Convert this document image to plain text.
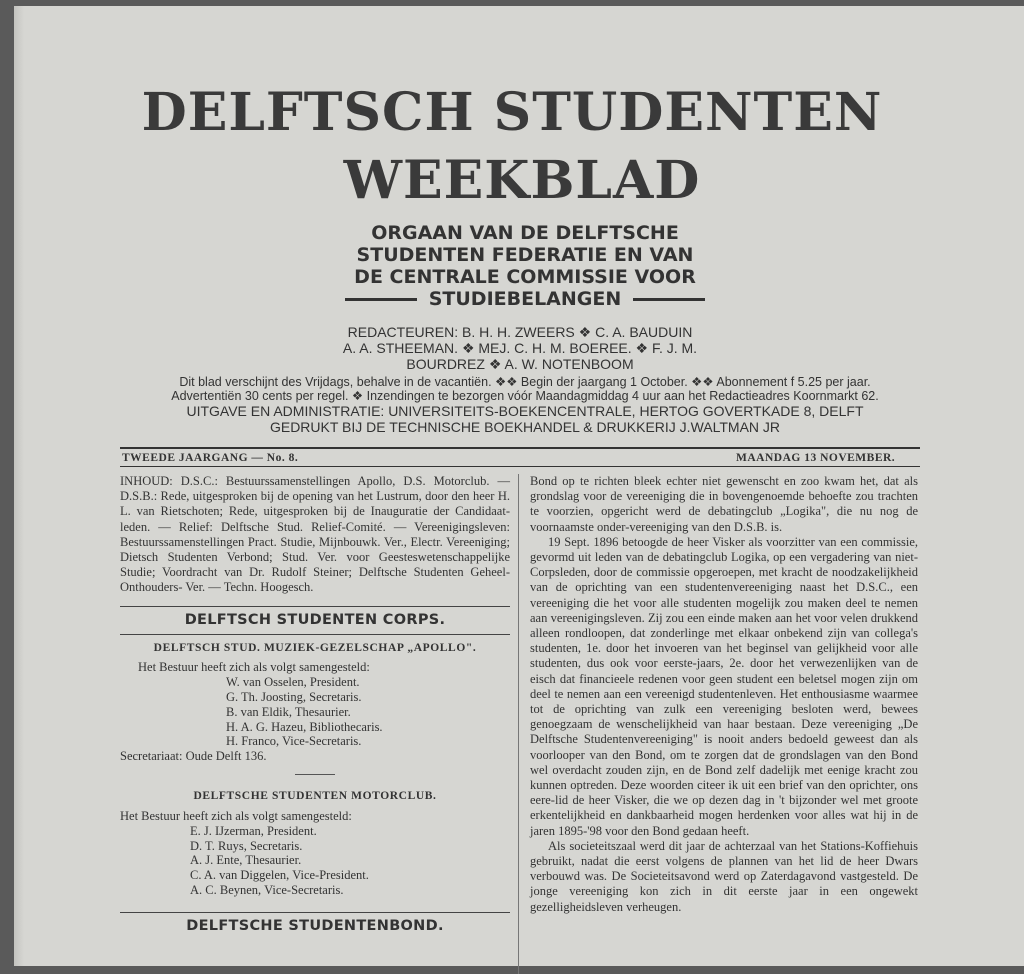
DELFTSCH STUDENTEN
WEEKBLAD
ORGAAN VAN DE DELFTSCHE
STUDENTEN FEDERATIE EN VAN
DE CENTRALE COMMISSIE VOOR
STUDIEBELANGEN
REDACTEUREN: B. H. H. ZWEERS ❖ C. A. BAUDUIN
A. A. STHEEMAN. ❖ MEJ. C. H. M. BOEREE. ❖ F. J. M.
BOURDREZ ❖ A. W. NOTENBOOM
Dit blad verschijnt des Vrijdags, behalve in de vacantiën. ❖❖ Begin der jaargang 1 October. ❖❖ Abonnement f 5.25 per jaar.
Advertentiën 30 cents per regel. ❖ Inzendingen te bezorgen vóór Maandagmiddag 4 uur aan het Redactieadres Koornmarkt 62.
UITGAVE EN ADMINISTRATIE: UNIVERSITEITS-BOEKENCENTRALE, HERTOG GOVERTKADE 8, DELFT
GEDRUKT BIJ DE TECHNISCHE BOEKHANDEL & DRUKKERIJ J.WALTMAN JR
TWEEDE JAARGANG — No. 8.	MAANDAG 13 NOVEMBER.

INHOUD: D.S.C.: Bestuurssamenstellingen Apollo, D.S. Motorclub. — D.S.B.: Rede, uitgesproken bij de opening van het Lustrum, door den heer H. L. van Rietschoten; Rede, uitgesproken bij de Inauguratie der Candidaat-leden. — Relief: Delftsche Stud. Relief-Comité. — Vereenigingsleven: Bestuurssamenstellingen Pract. Studie, Mijnbouwk. Ver., Electr. Vereeniging; Dietsch Studenten Verbond; Stud. Ver. voor Geesteswetenschappelijke Studie; Voordracht van Dr. Rudolf Steiner; Delftsche Studenten Geheel-Onthouders- Ver. — Techn. Hoogesch.

DELFTSCH STUDENTEN CORPS.
DELFTSCH STUD. MUZIEK-GEZELSCHAP „APOLLO".

Het Bestuur heeft zich als volgt samengesteld:

W. van Osselen, President.
G. Th. Joosting, Secretaris.
B. van Eldik, Thesaurier.
H. A. G. Hazeu, Bibliothecaris.
H. Franco, Vice-Secretaris.

Secretariaat: Oude Delft 136.

DELFTSCHE STUDENTEN MOTORCLUB.

Het Bestuur heeft zich als volgt samengesteld:

E. J. IJzerman, President.
D. T. Ruys, Secretaris.
A. J. Ente, Thesaurier.
C. A. van Diggelen, Vice-President.
A. C. Beynen, Vice-Secretaris.
DELFTSCHE STUDENTENBOND.

Bond op te richten bleek echter niet gewenscht en zoo kwam het, dat als grondslag voor de vereeniging die in bovengenoemde behoefte zou trachten te voorzien, opgericht werd de debatingclub „Logika", die nu nog de voornaamste onder-vereeniging van den D.S.B. is.

19 Sept. 1896 betoogde de heer Visker als voorzitter van een commissie, gevormd uit leden van de debatingclub Logika, op een vergadering van niet-Corpsleden, door de commissie opgeroepen, met kracht de noodzakelijkheid van de oprichting van een studentenvereeniging naast het D.S.C., een vereeniging die het voor alle studenten mogelijk zou maken deel te nemen aan vereenigingsleven. Zij zou een einde maken aan het voor velen drukkend alleen rondloopen, dat zonderlinge met elkaar onbekend zijn van collega's studenten, 1e. door het invoeren van het beginsel van gelijkheid voor alle studenten, dus ook voor eerste-jaars, 2e. door het verwezenlijken van de eisch dat financieele redenen voor geen student een beletsel mogen zijn om deel te nemen aan een vereenigd studentenleven. Het enthousiasme waarmee tot de oprichting van zulk een vereeniging besloten werd, bewees genoegzaam de wenschelijkheid van haar bestaan. Deze vereeniging „De Delftsche Studentenvereeniging" is nooit anders bedoeld geweest dan als voorlooper van den Bond, om te zorgen dat de grondslagen van den Bond wel overdacht zouden zijn, en de Bond zelf dadelijk met eenige kracht zou kunnen optreden. Deze woorden citeer ik uit een brief van den oprichter, ons eere-lid de heer Visker, die we op dezen dag in 't bijzonder wel met groote erkentelijkheid en dankbaarheid mogen herdenken voor alles wat hij in de jaren 1895-'98 voor den Bond gedaan heeft.

Als societeitszaal werd dit jaar de achterzaal van het Stations-Koffiehuis gebruikt, nadat die eerst volgens de plannen van het lid de heer Dwars verbouwd was. De Societeitsavond werd op Zaterdagavond vastgesteld. De jonge vereeniging kon zich in dit eerste jaar in een ongewekt gezelligheidsleven verheugen.
